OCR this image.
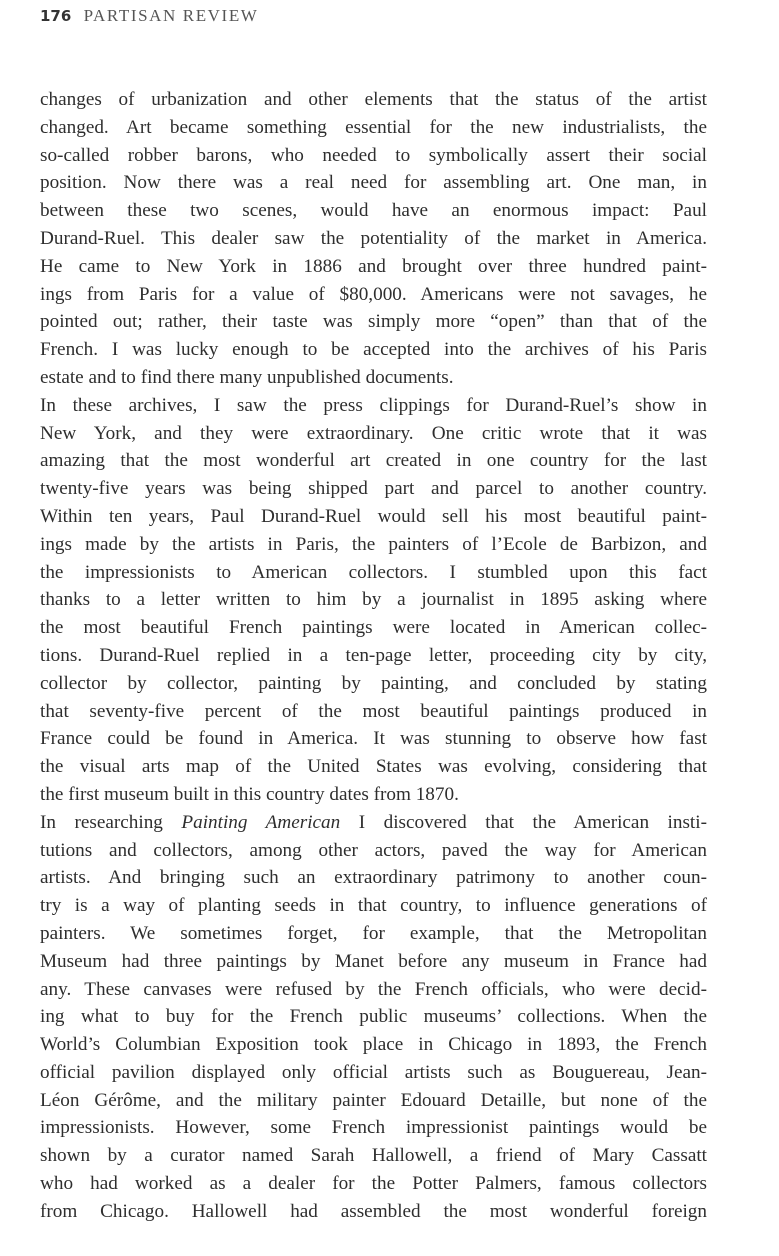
176 PARTISAN REVIEW
changes of urbanization and other elements that the status of the artist
changed. Art became something essential for the new industrialists, the
so-called robber barons, who needed to symbolically assert their social
position. Now there was a real need for assembling art. One man, in
between these two scenes, would have an enormous impact: Paul
Durand-Ruel. This dealer saw the potentiality of the market in America.
He came to New York in 1886 and brought over three hundred paint-
ings from Paris for a value of $80,000. Americans were not savages, he
pointed out; rather, their taste was simply more “open” than that of the
French. I was lucky enough to be accepted into the archives of his Paris
estate and to find there many unpublished documents.
In these archives, I saw the press clippings for Durand-Ruel’s show in
New York, and they were extraordinary. One critic wrote that it was
amazing that the most wonderful art created in one country for the last
twenty-five years was being shipped part and parcel to another country.
Within ten years, Paul Durand-Ruel would sell his most beautiful paint-
ings made by the artists in Paris, the painters of l’Ecole de Barbizon, and
the impressionists to American collectors. I stumbled upon this fact
thanks to a letter written to him by a journalist in 1895 asking where
the most beautiful French paintings were located in American collec-
tions. Durand-Ruel replied in a ten-page letter, proceeding city by city,
collector by collector, painting by painting, and concluded by stating
that seventy-five percent of the most beautiful paintings produced in
France could be found in America. It was stunning to observe how fast
the visual arts map of the United States was evolving, considering that
the first museum built in this country dates from 1870.
In researching Painting American I discovered that the American insti-
tutions and collectors, among other actors, paved the way for American
artists. And bringing such an extraordinary patrimony to another coun-
try is a way of planting seeds in that country, to influence generations of
painters. We sometimes forget, for example, that the Metropolitan
Museum had three paintings by Manet before any museum in France had
any. These canvases were refused by the French officials, who were decid-
ing what to buy for the French public museums’ collections. When the
World’s Columbian Exposition took place in Chicago in 1893, the French
official pavilion displayed only official artists such as Bouguereau, Jean-
Léon Gérôme, and the military painter Edouard Detaille, but none of the
impressionists. However, some French impressionist paintings would be
shown by a curator named Sarah Hallowell, a friend of Mary Cassatt
who had worked as a dealer for the Potter Palmers, famous collectors
from Chicago. Hallowell had assembled the most wonderful foreign
